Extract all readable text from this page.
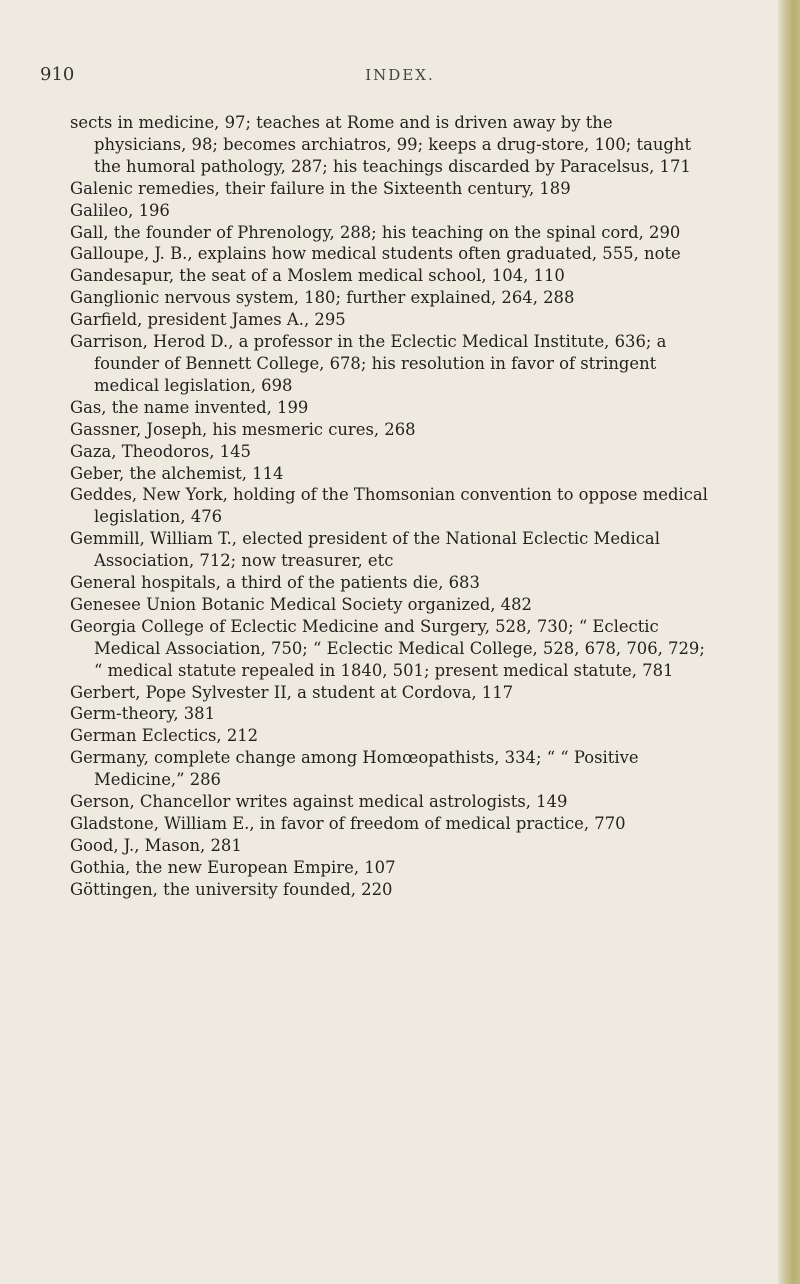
910	INDEX.
sects in medicine, 97; teaches at Rome and is driven away by the physicians, 98; becomes archiatros, 99; keeps a drug-store, 100; taught the humoral pathology, 287; his teachings discarded by Paracelsus, 171
Galenic remedies, their failure in the Sixteenth century, 189
Galileo, 196
Gall, the founder of Phrenology, 288; his teaching on the spinal cord, 290
Galloupe, J. B., explains how medical students often graduated, 555, note
Gandesapur, the seat of a Moslem medical school, 104, 110
Ganglionic nervous system, 180; further explained, 264, 288
Garfield, president James A., 295
Garrison, Herod D., a professor in the Eclectic Medical Institute, 636; a founder of Bennett College, 678; his resolution in favor of stringent medical legislation, 698
Gas, the name invented, 199
Gassner, Joseph, his mesmeric cures, 268
Gaza, Theodoros, 145
Geber, the alchemist, 114
Geddes, New York, holding of the Thomsonian convention to oppose medical legislation, 476
Gemmill, William T., elected president of the National Eclectic Medical Association, 712; now treasurer, etc
General hospitals, a third of the patients die, 683
Genesee Union Botanic Medical Society organized, 482
Georgia College of Eclectic Medicine and Surgery, 528, 730; “ Eclectic Medical Association, 750; “ Eclectic Medical College, 528, 678, 706, 729; “ medical statute repealed in 1840, 501; present medical statute, 781
Gerbert, Pope Sylvester II, a student at Cordova, 117
Germ-theory, 381
German Eclectics, 212
Germany, complete change among Homœopathists, 334; “ “ Positive Medicine,” 286
Gerson, Chancellor writes against medical astrologists, 149
Gladstone, William E., in favor of freedom of medical practice, 770
Good, J., Mason, 281
Gothia, the new European Empire, 107
Göttingen, the university founded, 220
